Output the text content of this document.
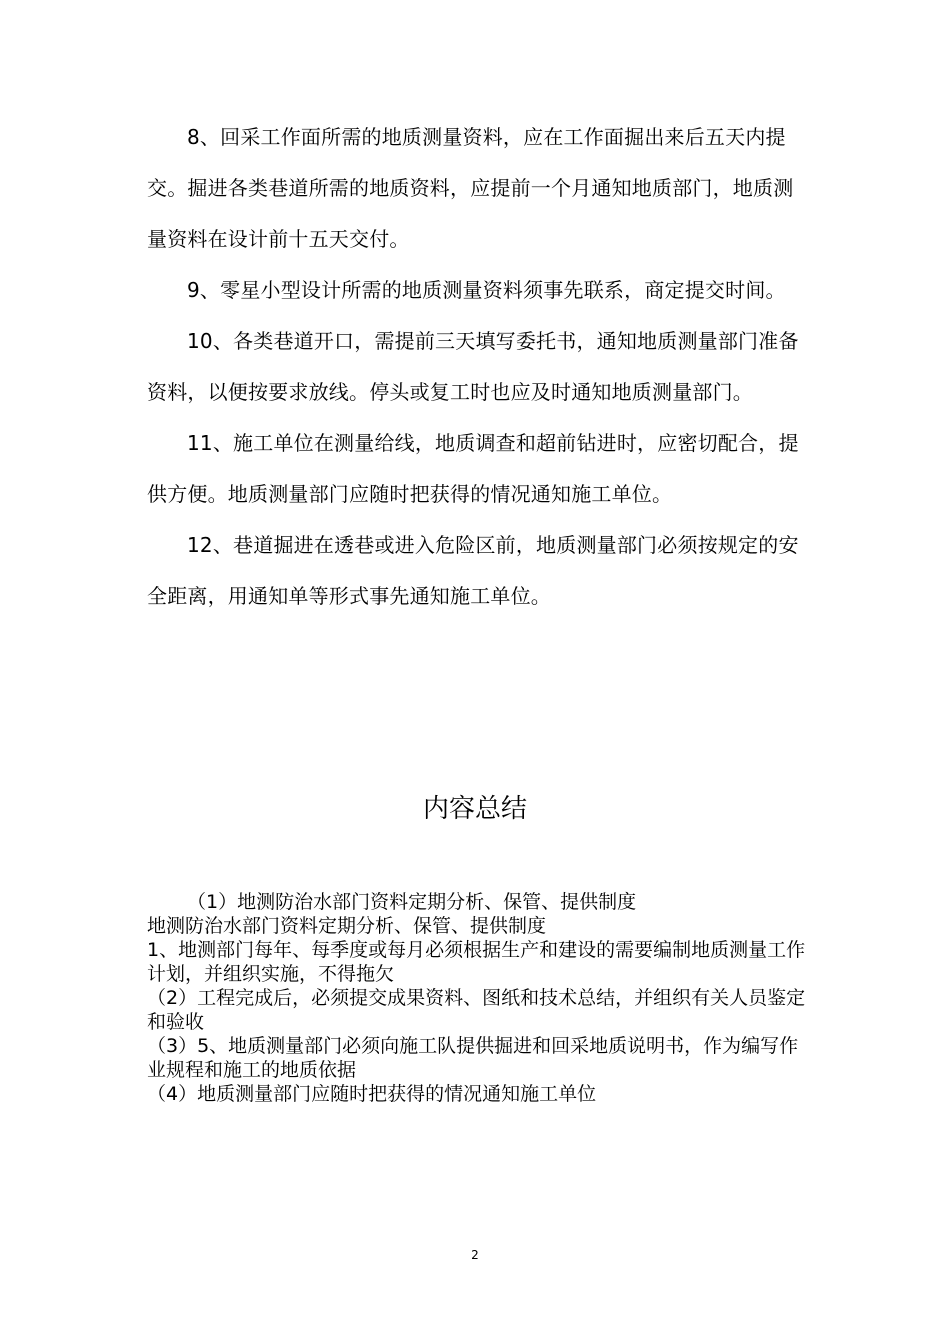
8、回采工作面所需的地质测量资料，应在工作面掘出来后五天内提交。掘进各类巷道所需的地质资料，应提前一个月通知地质部门，地质测量资料在设计前十五天交付。

9、零星小型设计所需的地质测量资料须事先联系，商定提交时间。

10、各类巷道开口，需提前三天填写委托书，通知地质测量部门准备资料，以便按要求放线。停头或复工时也应及时通知地质测量部门。

11、施工单位在测量给线，地质调查和超前钻进时，应密切配合，提供方便。地质测量部门应随时把获得的情况通知施工单位。

12、巷道掘进在透巷或进入危险区前，地质测量部门必须按规定的安全距离，用通知单等形式事先通知施工单位。

内容总结

（1）地测防治水部门资料定期分析、保管、提供制度

地测防治水部门资料定期分析、保管、提供制度

1、地测部门每年、每季度或每月必须根据生产和建设的需要编制地质测量工作计划，并组织实施，不得拖欠

（2）工程完成后，必须提交成果资料、图纸和技术总结，并组织有关人员鉴定和验收

（3）5、地质测量部门必须向施工队提供掘进和回采地质说明书，作为编写作业规程和施工的地质依据

（4）地质测量部门应随时把获得的情况通知施工单位

2
